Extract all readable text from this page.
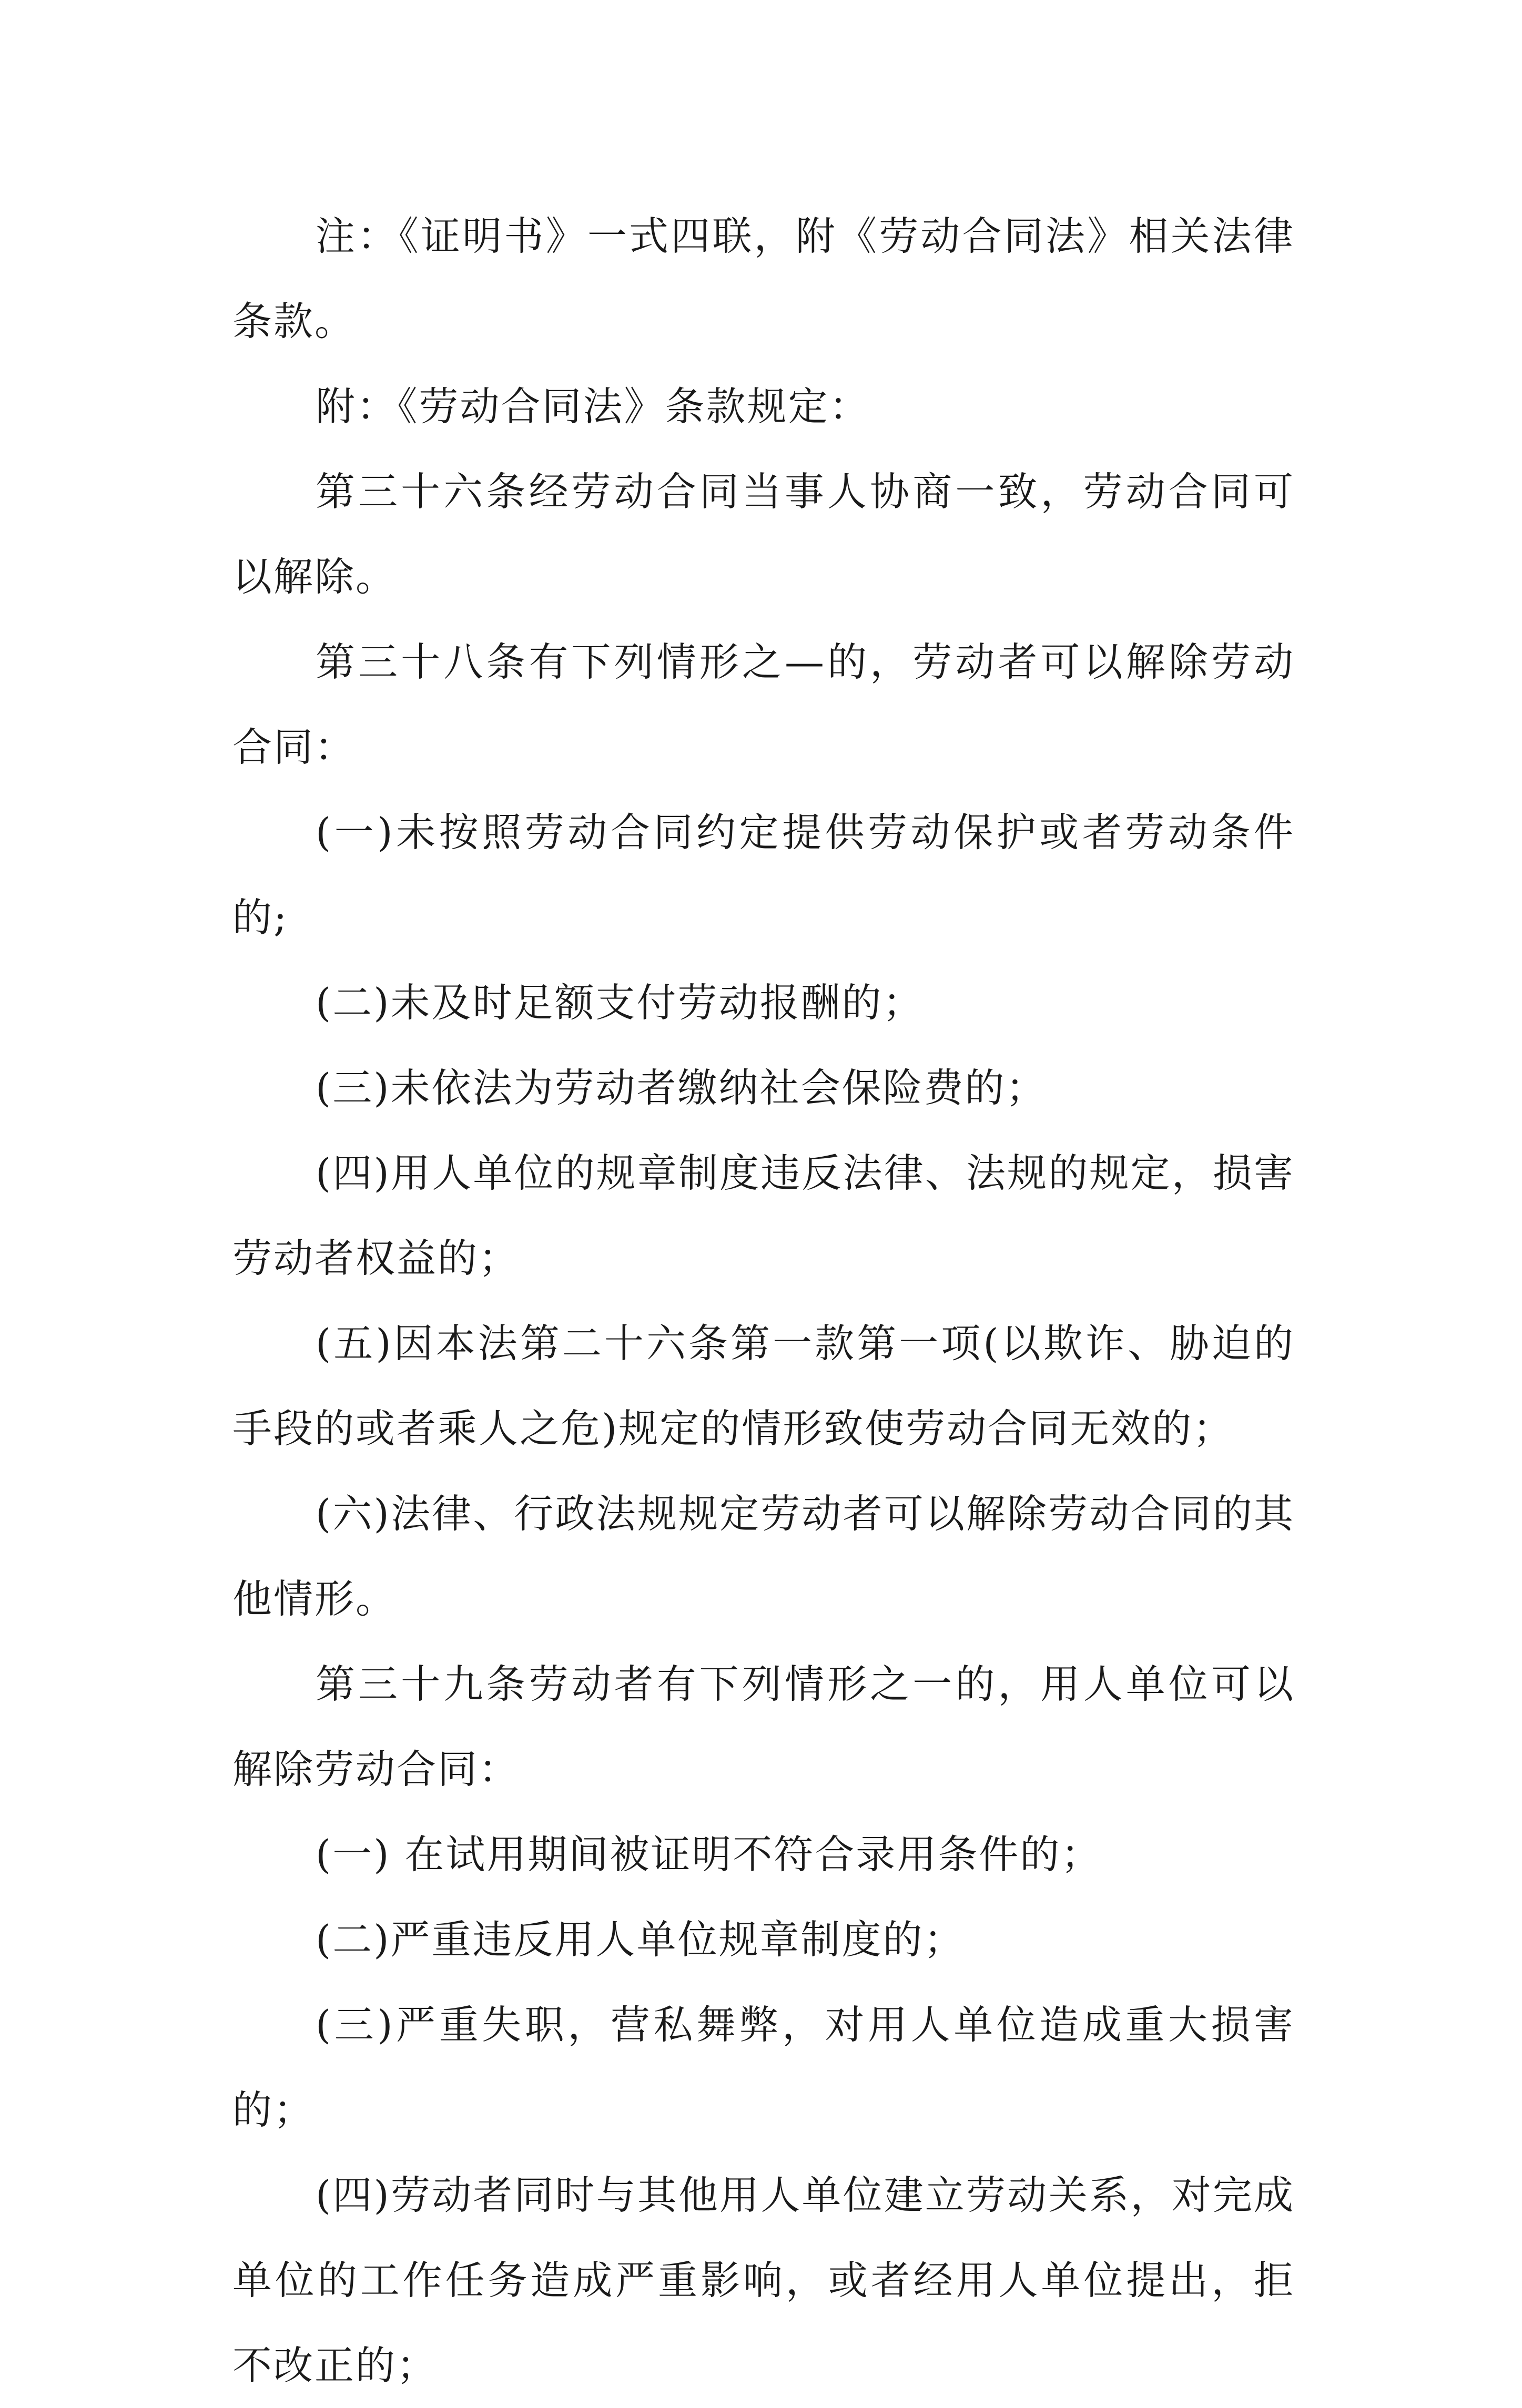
注：《证明书》一式四联，附《劳动合同法》相关法律条款。

附：《劳动合同法》条款规定：

第三十六条经劳动合同当事人协商一致，劳动合同可以解除。

第三十八条有下列情形之—的，劳动者可以解除劳动合同：

(一)未按照劳动合同约定提供劳动保护或者劳动条件的;

(二)未及时足额支付劳动报酬的；

(三)未依法为劳动者缴纳社会保险费的；

(四)用人单位的规章制度违反法律、法规的规定，损害劳动者权益的；

(五)因本法第二十六条第一款第一项(以欺诈、胁迫的手段的或者乘人之危)规定的情形致使劳动合同无效的；

(六)法律、行政法规规定劳动者可以解除劳动合同的其他情形。

第三十九条劳动者有下列情形之一的，用人单位可以解除劳动合同：

(一) 在试用期间被证明不符合录用条件的；

(二)严重违反用人单位规章制度的；

(三)严重失职，营私舞弊，对用人单位造成重大损害的；

(四)劳动者同时与其他用人单位建立劳动关系，对完成单位的工作任务造成严重影响，或者经用人单位提出，拒不改正的；
